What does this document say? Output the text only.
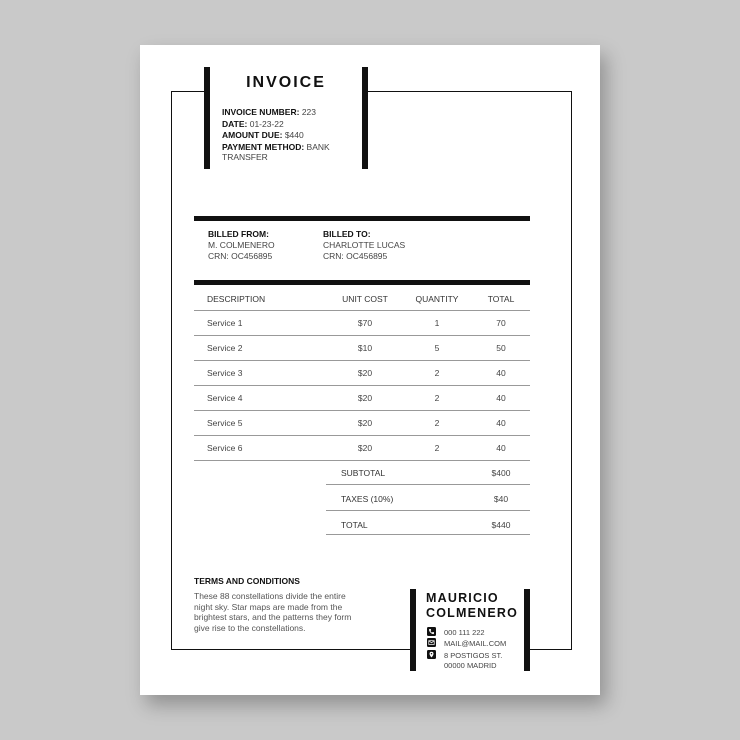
INVOICE
INVOICE NUMBER: 223
DATE: 01-23-22
AMOUNT DUE: $440
PAYMENT METHOD: BANK
TRANSFER
BILLED FROM:
M. COLMENERO
CRN: OC456895
BILLED TO:
CHARLOTTE LUCAS
CRN: OC456895
DESCRIPTION	UNIT COST	QUANTITY	TOTAL
Service 1	$70	1	70
Service 2	$10	5	50
Service 3	$20	2	40
Service 4	$20	2	40
Service 5	$20	2	40
Service 6	$20	2	40
SUBTOTAL	$400
TAXES (10%)	$40
TOTAL	$440
TERMS AND CONDITIONS
These 88 constellations divide the entire night sky. Star maps are made from the brightest stars, and the patterns they form give rise to the constellations.
MAURICIO
COLMENERO
000 111 222
MAIL@MAIL.COM
8 POSTIGOS ST.
00000 MADRID
